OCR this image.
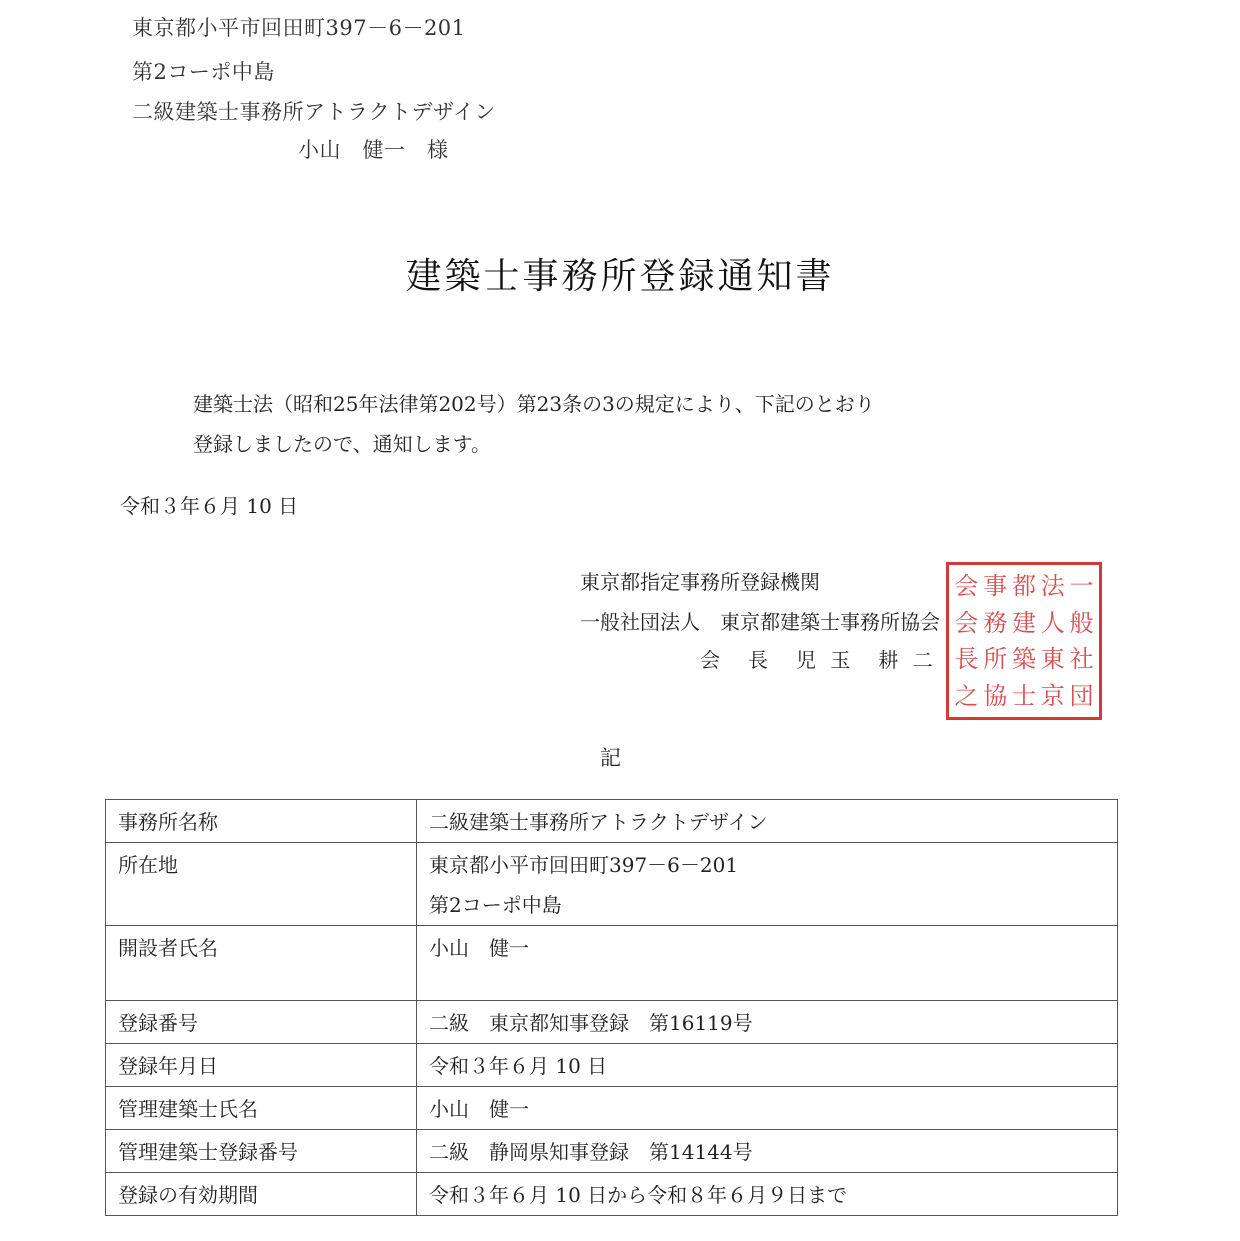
東京都小平市回田町397－6－201
第2コーポ中島
二級建築士事務所アトラクトデザイン
小山　健一　様
建築士事務所登録通知書
建築士法（昭和25年法律第202号）第23条の3の規定により、下記のとおり
登録しましたので、通知します。
令和３年６月 10 日
東京都指定事務所登録機関
一般社団法人　東京都建築士事務所協会
会　長　児 玉　耕 二
会 事 都 法 一
会 務 建 人 般
長 所 築 東 社
之 協 士 京 団
記
事務所名称	二級建築士事務所アトラクトデザイン

所在地	東京都小平市回田町397－6－201
第2コーポ中島

開設者氏名	小山　健一

登録番号	二級　東京都知事登録　第16119号

登録年月日	令和３年６月 10 日

管理建築士氏名	小山　健一

管理建築士登録番号	二級　静岡県知事登録　第14144号

登録の有効期間	令和３年６月 10 日から令和８年６月９日まで
